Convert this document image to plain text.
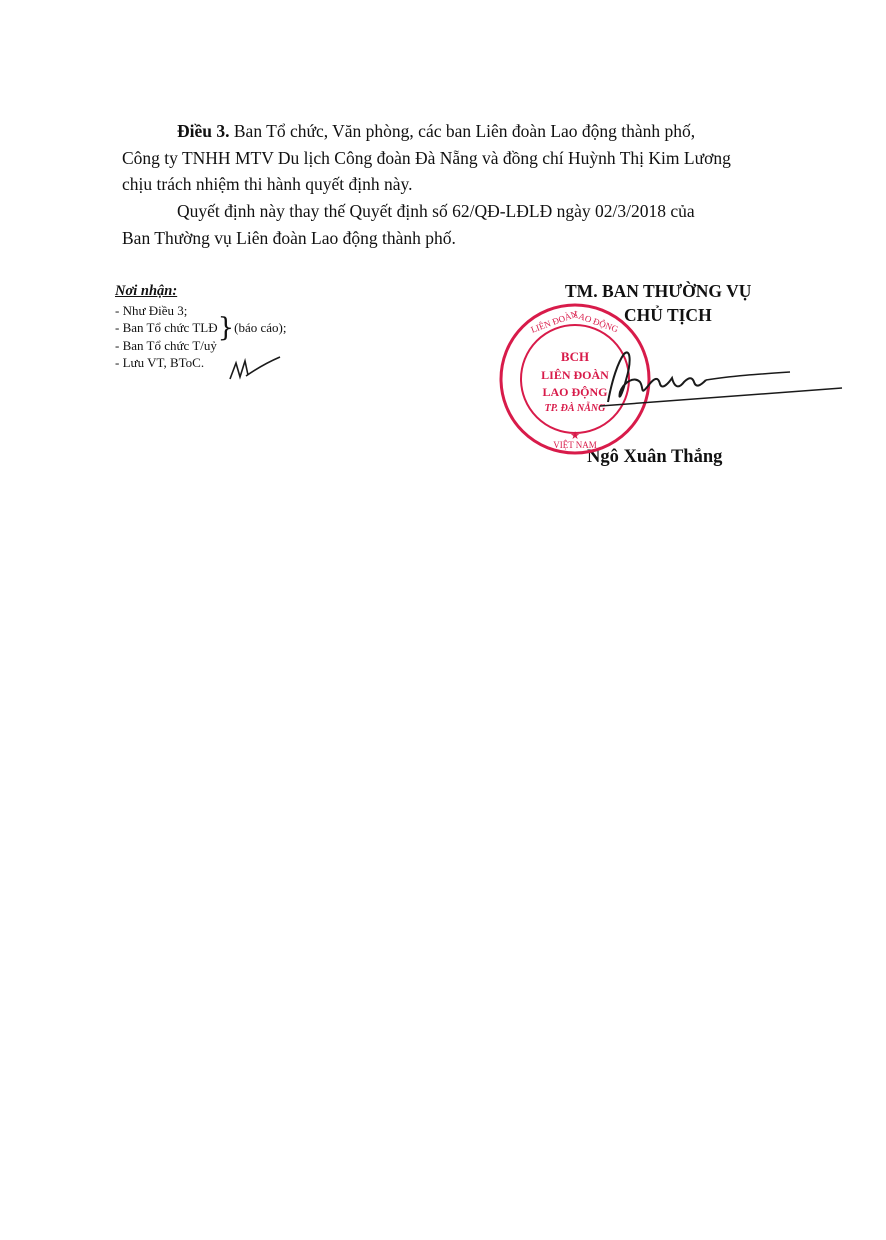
Điều 3. Ban Tổ chức, Văn phòng, các ban Liên đoàn Lao động thành phố,
Công ty TNHH MTV Du lịch Công đoàn Đà Nẵng và đồng chí Huỳnh Thị Kim Lương
chịu trách nhiệm thi hành quyết định này.

Quyết định này thay thế Quyết định số 62/QĐ-LĐLĐ ngày 02/3/2018 của
Ban Thường vụ Liên đoàn Lao động thành phố.

Nơi nhận:
- Như Điều 3;
- Ban Tổ chức TLĐ}(báo cáo);
- Ban Tổ chức T/uỷ
- Lưu VT, BToC.
TM. BAN THƯỜNG VỤ
CHỦ TỊCH
Ngô Xuân Thắng
LIÊN ĐOÀN
LAO ĐỘNG
VIỆT NAM
BCH
LIÊN ĐOÀN
LAO ĐỘNG
TP. ĐÀ NẴNG
★
